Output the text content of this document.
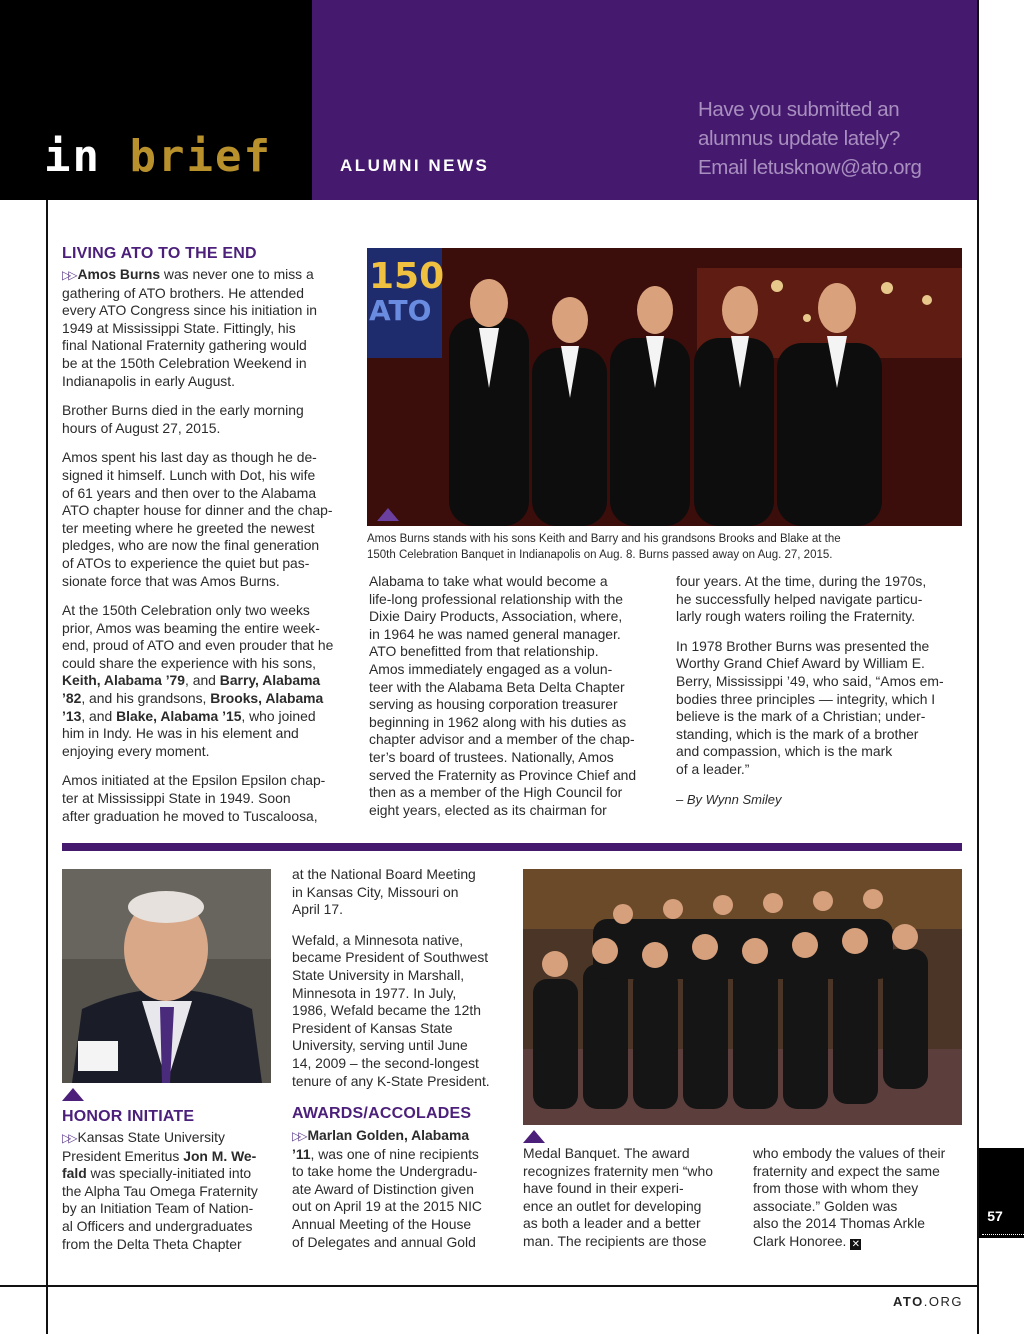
in brief	ALUMNI NEWS
Have you submitted an
alumnus update lately?
Email letusknow@ato.org
LIVING ATO TO THE END
▷▷ Amos Burns was never one to miss a
gathering of ATO brothers. He attended
every ATO Congress since his initiation in
1949 at Mississippi State. Fittingly, his
final National Fraternity gathering would
be at the 150th Celebration Weekend in
Indianapolis in early August.
Brother Burns died in the early morning
hours of August 27, 2015.
Amos spent his last day as though he de-
signed it himself. Lunch with Dot, his wife
of 61 years and then over to the Alabama
ATO chapter house for dinner and the chap-
ter meeting where he greeted the newest
pledges, who are now the final generation
of ATOs to experience the quiet but pas-
sionate force that was Amos Burns.
At the 150th Celebration only two weeks
prior, Amos was beaming the entire week-
end, proud of ATO and even prouder that he
could share the experience with his sons,
Keith, Alabama ’79, and Barry, Alabama
’82, and his grandsons, Brooks, Alabama
’13, and Blake, Alabama ’15, who joined
him in Indy. He was in his element and
enjoying every moment.
Amos initiated at the Epsilon Epsilon chap-
ter at Mississippi State in 1949. Soon
after graduation he moved to Tuscaloosa,
150
ATO
Amos Burns stands with his sons Keith and Barry and his grandsons Brooks and Blake at the
150th Celebration Banquet in Indianapolis on Aug. 8. Burns passed away on Aug. 27, 2015.
Alabama to take what would become a
life-long professional relationship with the
Dixie Dairy Products, Association, where,
in 1964 he was named general manager.
ATO benefitted from that relationship.
Amos immediately engaged as a volun-
teer with the Alabama Beta Delta Chapter
serving as housing corporation treasurer
beginning in 1962 along with his duties as
chapter advisor and a member of the chap-
ter’s board of trustees. Nationally, Amos
served the Fraternity as Province Chief and
then as a member of the High Council for
eight years, elected as its chairman for
four years. At the time, during the 1970s,
he successfully helped navigate particu-
larly rough waters roiling the Fraternity.
In 1978 Brother Burns was presented the
Worthy Grand Chief Award by William E.
Berry, Mississippi ’49, who said, “Amos em-
bodies three principles — integrity, which I
believe is the mark of a Christian; under-
standing, which is the mark of a brother
and compassion, which is the mark
of a leader.”
– By Wynn Smiley
HONOR INITIATE
▷▷ Kansas State University
President Emeritus Jon M. We-
fald was specially-initiated into
the Alpha Tau Omega Fraternity
by an Initiation Team of Nation-
al Officers and undergraduates
from the Delta Theta Chapter
at the National Board Meeting
in Kansas City, Missouri on
April 17.
Wefald, a Minnesota native,
became President of Southwest
State University in Marshall,
Minnesota in 1977. In July,
1986, Wefald became the 12th
President of Kansas State
University, serving until June
14, 2009 – the second-longest
tenure of any K-State President.
AWARDS/ACCOLADES
▷▷ Marlan Golden, Alabama
’11, was one of nine recipients
to take home the Undergradu-
ate Award of Distinction given
out on April 19 at the 2015 NIC
Annual Meeting of the House
of Delegates and annual Gold
Medal Banquet. The award
recognizes fraternity men “who
have found in their experi-
ence an outlet for developing
as both a leader and a better
man. The recipients are those
who embody the values of their
fraternity and expect the same
from those with whom they
associate.” Golden was
also the 2014 Thomas Arkle
Clark Honoree. ✕
57
ATO.ORG
